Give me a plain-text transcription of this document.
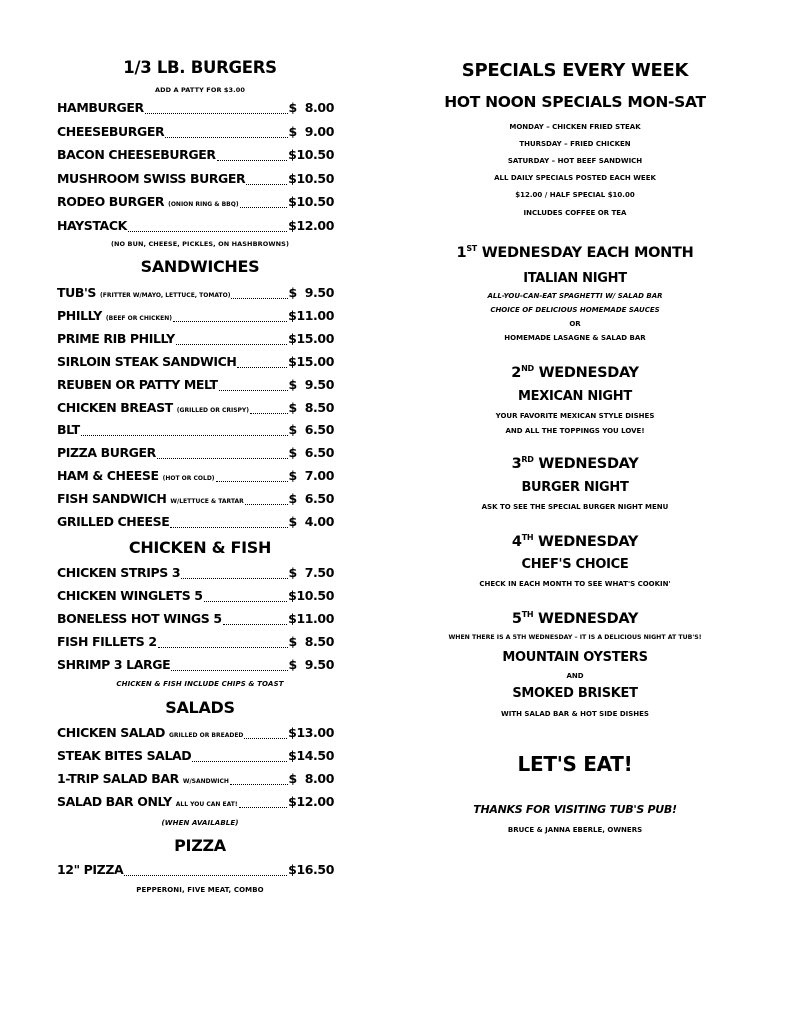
1/3 LB. BURGERS
ADD A PATTY FOR $3.00
HAMBURGER	$  8.00
CHEESEBURGER	$  9.00
BACON CHEESEBURGER	$10.50
MUSHROOM SWISS BURGER	$10.50
RODEO BURGER (ONION RING & BBQ)	$10.50
HAYSTACK	$12.00
(NO BUN, CHEESE, PICKLES, ON HASHBROWNS)
SANDWICHES
TUB'S (FRITTER W/MAYO, LETTUCE, TOMATO)	$  9.50
PHILLY (BEEF OR CHICKEN)	$11.00
PRIME RIB PHILLY	$15.00
SIRLOIN STEAK SANDWICH	$15.00
REUBEN OR PATTY MELT	$  9.50
CHICKEN BREAST (GRILLED OR CRISPY)	$  8.50
BLT	$  6.50
PIZZA BURGER	$  6.50
HAM & CHEESE (HOT OR COLD)	$  7.00
FISH SANDWICH W/LETTUCE & TARTAR	$  6.50
GRILLED CHEESE	$  4.00
CHICKEN & FISH
CHICKEN STRIPS 3	$  7.50
CHICKEN WINGLETS 5	$10.50
BONELESS HOT WINGS 5	$11.00
FISH FILLETS 2	$  8.50
SHRIMP 3 LARGE	$  9.50
CHICKEN & FISH INCLUDE CHIPS & TOAST
SALADS
CHICKEN SALAD GRILLED OR BREADED	$13.00
STEAK BITES SALAD	$14.50
1-TRIP SALAD BAR W/SANDWICH	$  8.00
SALAD BAR ONLY ALL YOU CAN EAT!	$12.00
(WHEN AVAILABLE)
PIZZA
12" PIZZA	$16.50
PEPPERONI, FIVE MEAT, COMBO
SPECIALS EVERY WEEK
HOT NOON SPECIALS MON-SAT
MONDAY – CHICKEN FRIED STEAK
THURSDAY – FRIED CHICKEN
SATURDAY – HOT BEEF SANDWICH
ALL DAILY SPECIALS POSTED EACH WEEK
$12.00 / HALF SPECIAL $10.00
INCLUDES COFFEE OR TEA
1ST WEDNESDAY EACH MONTH
ITALIAN NIGHT
ALL-YOU-CAN-EAT SPAGHETTI W/ SALAD BAR
CHOICE OF DELICIOUS HOMEMADE SAUCES
OR
HOMEMADE LASAGNE & SALAD BAR
2ND WEDNESDAY
MEXICAN NIGHT
YOUR FAVORITE MEXICAN STYLE DISHES
AND ALL THE TOPPINGS YOU LOVE!
3RD WEDNESDAY
BURGER NIGHT
ASK TO SEE THE SPECIAL BURGER NIGHT MENU
4TH WEDNESDAY
CHEF'S CHOICE
CHECK IN EACH MONTH TO SEE WHAT'S COOKIN'
5TH WEDNESDAY
WHEN THERE IS A 5TH WEDNESDAY – IT IS A DELICIOUS NIGHT AT TUB'S!
MOUNTAIN OYSTERS
AND
SMOKED BRISKET
WITH SALAD BAR & HOT SIDE DISHES
LET'S EAT!
THANKS FOR VISITING TUB'S PUB!
BRUCE & JANNA EBERLE, OWNERS
